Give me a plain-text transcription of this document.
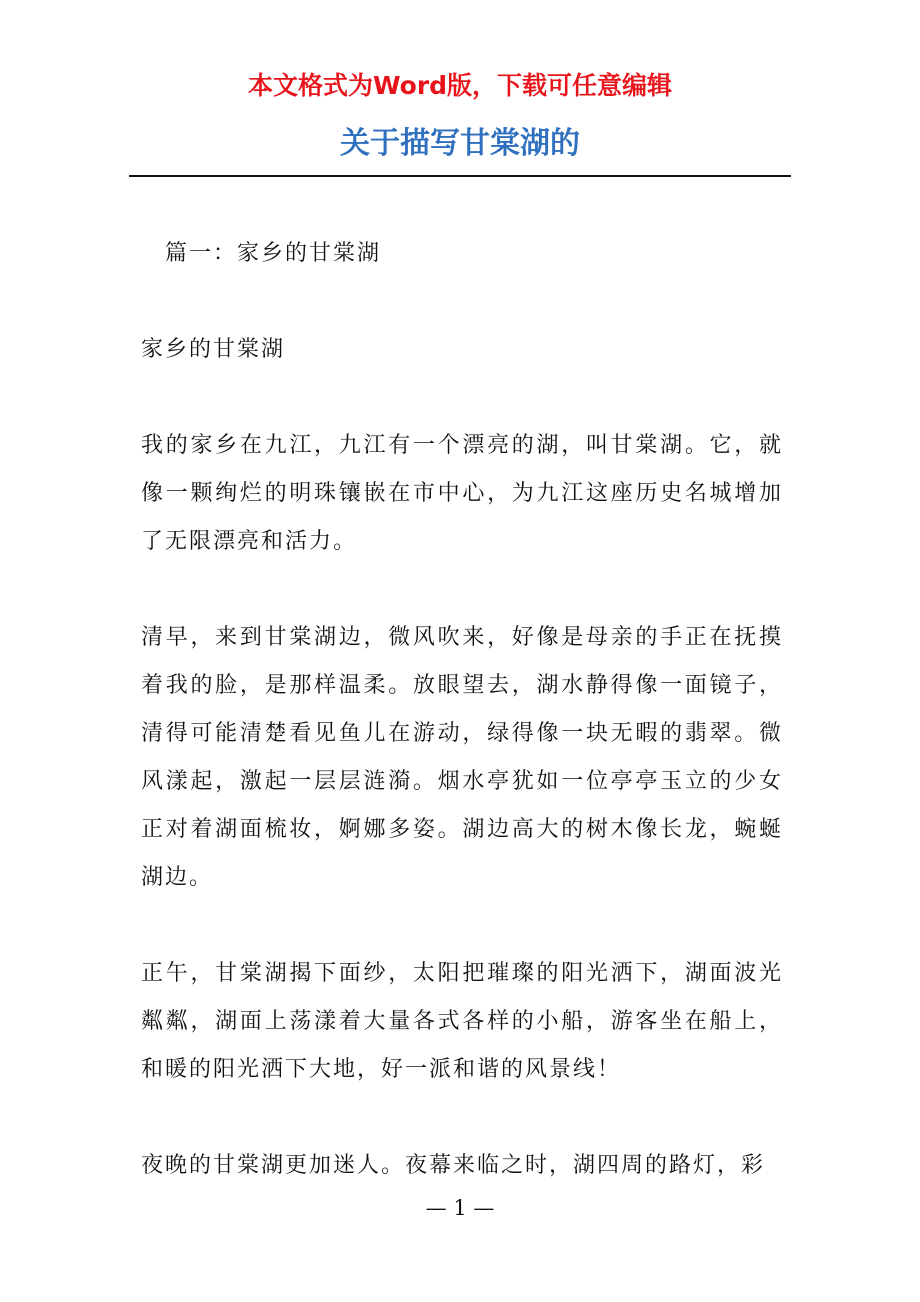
本文格式为Word版，下载可任意编辑

关于描写甘棠湖的

篇一：家乡的甘棠湖

家乡的甘棠湖

我的家乡在九江，九江有一个漂亮的湖，叫甘棠湖。它，就像一颗绚烂的明珠镶嵌在市中心，为九江这座历史名城增加了无限漂亮和活力。

清早，来到甘棠湖边，微风吹来，好像是母亲的手正在抚摸着我的脸，是那样温柔。放眼望去，湖水静得像一面镜子，清得可能清楚看见鱼儿在游动，绿得像一块无暇的翡翠。微风漾起，激起一层层涟漪。烟水亭犹如一位亭亭玉立的少女正对着湖面梳妆，婀娜多姿。湖边高大的树木像长龙，蜿蜒湖边。

正午，甘棠湖揭下面纱，太阳把璀璨的阳光洒下，湖面波光粼粼，湖面上荡漾着大量各式各样的小船，游客坐在船上，和暖的阳光洒下大地，好一派和谐的风景线！

夜晚的甘棠湖更加迷人。夜幕来临之时，湖四周的路灯，彩

— 1 —
